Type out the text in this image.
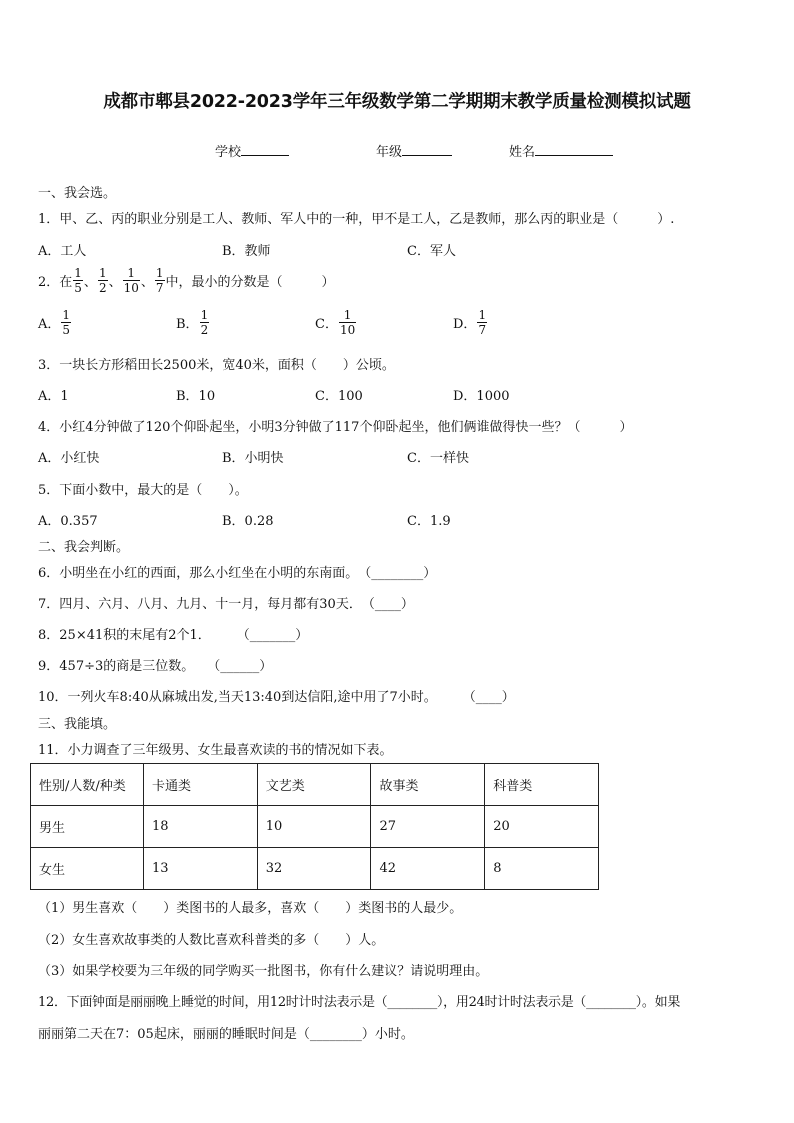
成都市郫县2022-2023学年三年级数学第二学期期末教学质量检测模拟试题
学校	年级	姓名
一、我会选。
1．甲、乙、丙的职业分别是工人、教师、军人中的一种，甲不是工人，乙是教师，那么丙的职业是（　　　）.
A．工人	B．教师	C．军人
2．在 $\frac{1}{5}$ 、 $\frac{1}{2}$ 、 $\frac{1}{10}$ 、 $\frac{1}{7}$ 中，最小的分数是（　　　）
A． $\frac{1}{5}$	B． $\frac{1}{2}$	C． $\frac{1}{10}$	D． $\frac{1}{7}$
3．一块长方形稻田长2500米，宽40米，面积（　　）公顷。
A．1	B．10	C．100	D．1000
4．小红4分钟做了120个仰卧起坐，小明3分钟做了117个仰卧起坐，他们俩谁做得快一些？（　　　）
A．小红快	B．小明快	C．一样快
5．下面小数中，最大的是（　　）。
A．0.357	B．0.28	C．1.9
二、我会判断。
6．小明坐在小红的西面，那么小红坐在小明的东南面。　（________）
7．四月、六月、八月、九月、十一月，每月都有30天．　（____）
8．25×41积的末尾有2个1．　　　（_______）
9．457÷3的商是三位数。　　（______）
10．一列火车8:40从麻城出发,当天13:40到达信阳,途中用了7小时。　　　（____）
三、我能填。
11．小力调查了三年级男、女生最喜欢读的书的情况如下表。
性别/人数/种类	卡通类	文艺类	故事类	科普类
男生	18	10	27	20
女生	13	32	42	8
（1）男生喜欢（　　）类图书的人最多，喜欢（　　）类图书的人最少。
（2）女生喜欢故事类的人数比喜欢科普类的多（　　）人。
（3）如果学校要为三年级的同学购买一批图书，你有什么建议？请说明理由。
12．下面钟面是丽丽晚上睡觉的时间，用12时计时法表示是（________），用24时计时法表示是（________）。如果
丽丽第二天在7：05起床，丽丽的睡眠时间是（________）小时。
